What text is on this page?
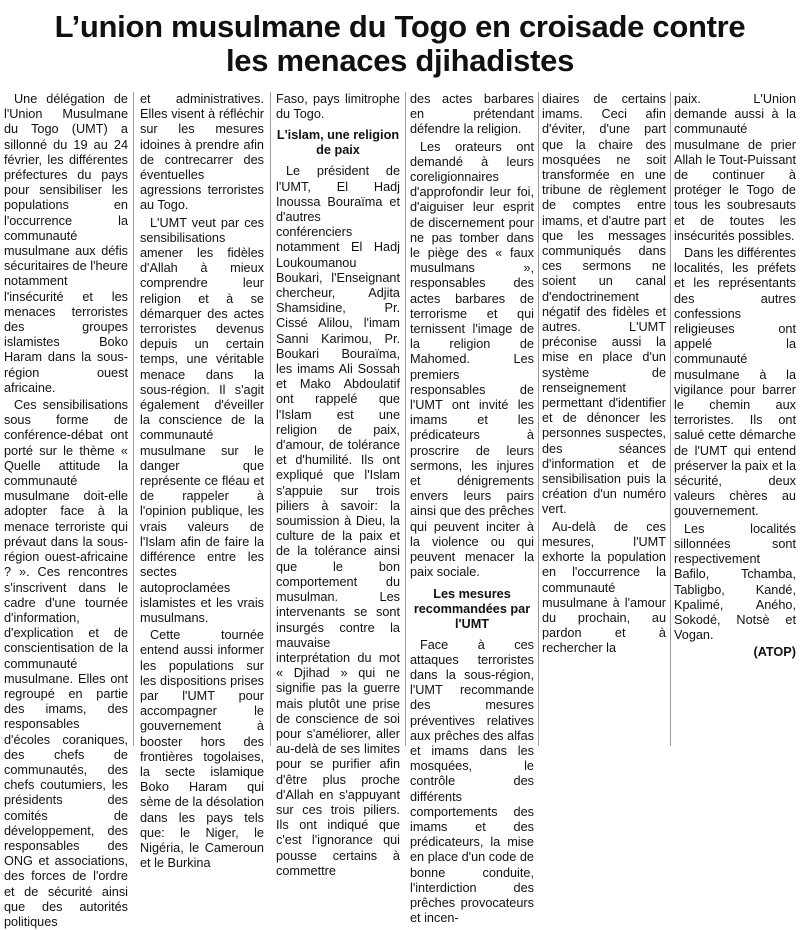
L’union musulmane du Togo en croisade contre
les menaces djihadistes

Une délégation de l'Union Musulmane du Togo (UMT) a sillonné du 19 au 24 février, les différentes préfectures du pays pour sensibiliser les populations en l'occurrence la communauté musulmane aux défis sécuritaires de l'heure notamment l'insécurité et les menaces terroristes des groupes islamistes Boko Haram dans la sous-région ouest africaine.

Ces sensibilisations sous forme de conférence-débat ont porté sur le thème « Quelle attitude la communauté musulmane doit-elle adopter face à la menace terroriste qui prévaut dans la sous-région ouest-africaine ? ». Ces rencontres s'inscrivent dans le cadre d'une tournée d'information, d'explication et de conscientisation de la communauté musulmane. Elles ont regroupé en partie des imams, des responsables d'écoles coraniques, des chefs de communautés, des chefs coutumiers, les présidents des comités de développement, des responsables des ONG et associations, des forces de l'ordre et de sécurité ainsi que des autorités politiques

et administratives. Elles visent à réfléchir sur les mesures idoines à prendre afin de contrecarrer des éventuelles agressions terroristes au Togo.

L'UMT veut par ces sensibilisations amener les fidèles d'Allah à mieux comprendre leur religion et à se démarquer des actes terroristes devenus depuis un certain temps, une véritable menace dans la sous-région. Il s'agit également d'éveiller la conscience de la communauté musulmane sur le danger que représente ce fléau et de rappeler à l'opinion publique, les vrais valeurs de l'Islam afin de faire la différence entre les sectes autoproclamées islamistes et les vrais musulmans.

Cette tournée entend aussi informer les populations sur les dispositions prises par l'UMT pour accompagner le gouvernement à booster hors des frontières togolaises, la secte islamique Boko Haram qui sème de la désolation dans les pays tels que: le Niger, le Nigéria, le Cameroun et le Burkina

Faso, pays limitrophe du Togo.

L'islam, une religion de paix

Le président de l'UMT, El Hadj Inoussa Bouraïma et d'autres conférenciers notamment El Hadj Loukoumanou Boukari, l'Enseignant chercheur, Adjita Shamsidine, Pr. Cissé Alilou, l'imam Sanni Karimou, Pr. Boukari Bouraïma, les imams Ali Sossah et Mako Abdoulatif ont rappelé que l'Islam est une religion de paix, d'amour, de tolérance et d'humilité. Ils ont expliqué que l'Islam s'appuie sur trois piliers à savoir: la soumission à Dieu, la culture de la paix et de la tolérance ainsi que le bon comportement du musulman. Les intervenants se sont insurgés contre la mauvaise interprétation du mot « Djihad » qui ne signifie pas la guerre mais plutôt une prise de conscience de soi pour s'améliorer, aller au-delà de ses limites pour se purifier afin d'être plus proche d'Allah en s'appuyant sur ces trois piliers. Ils ont indiqué que c'est l'ignorance qui pousse certains à commettre

des actes barbares en prétendant défendre la religion.

Les orateurs ont demandé à leurs coreligionnaires d'approfondir leur foi, d'aiguiser leur esprit de discernement pour ne pas tomber dans le piège des « faux musulmans », responsables des actes barbares de terrorisme et qui ternissent l'image de la religion de Mahomed. Les premiers responsables de l'UMT ont invité les imams et les prédicateurs à proscrire de leurs sermons, les injures et dénigrements envers leurs pairs ainsi que des prêches qui peuvent inciter à la violence ou qui peuvent menacer la paix sociale.

Les mesures recommandées par l'UMT

Face à ces attaques terroristes dans la sous-région, l'UMT recommande des mesures préventives relatives aux prêches des alfas et imams dans les mosquées, le contrôle des différents comportements des imams et des prédicateurs, la mise en place d'un code de bonne conduite, l'interdiction des prêches provocateurs et incen-

diaires de certains imams. Ceci afin d'éviter, d'une part que la chaire des mosquées ne soit transformée en une tribune de règlement de comptes entre imams, et d'autre part que les messages communiqués dans ces sermons ne soient un canal d'endoctrinement négatif des fidèles et autres. L'UMT préconise aussi la mise en place d'un système de renseignement permettant d'identifier et de dénoncer les personnes suspectes, des séances d'information et de sensibilisation puis la création d'un numéro vert.

Au-delà de ces mesures, l'UMT exhorte la population en l'occurrence la communauté musulmane à l'amour du prochain, au pardon et à rechercher la

paix. L'Union demande aussi à la communauté musulmane de prier Allah le Tout-Puissant de continuer à protéger le Togo de tous les soubresauts et de toutes les insécurités possibles.

Dans les différentes localités, les préfets et les représentants des autres confessions religieuses ont appelé la communauté musulmane à la vigilance pour barrer le chemin aux terroristes. Ils ont salué cette démarche de l'UMT qui entend préserver la paix et la sécurité, deux valeurs chères au gouvernement.

Les localités sillonnées sont respectivement Bafilo, Tchamba, Tabligbo, Kandé, Kpalimé, Aného, Sokodé, Notsè et Vogan.

(ATOP)
